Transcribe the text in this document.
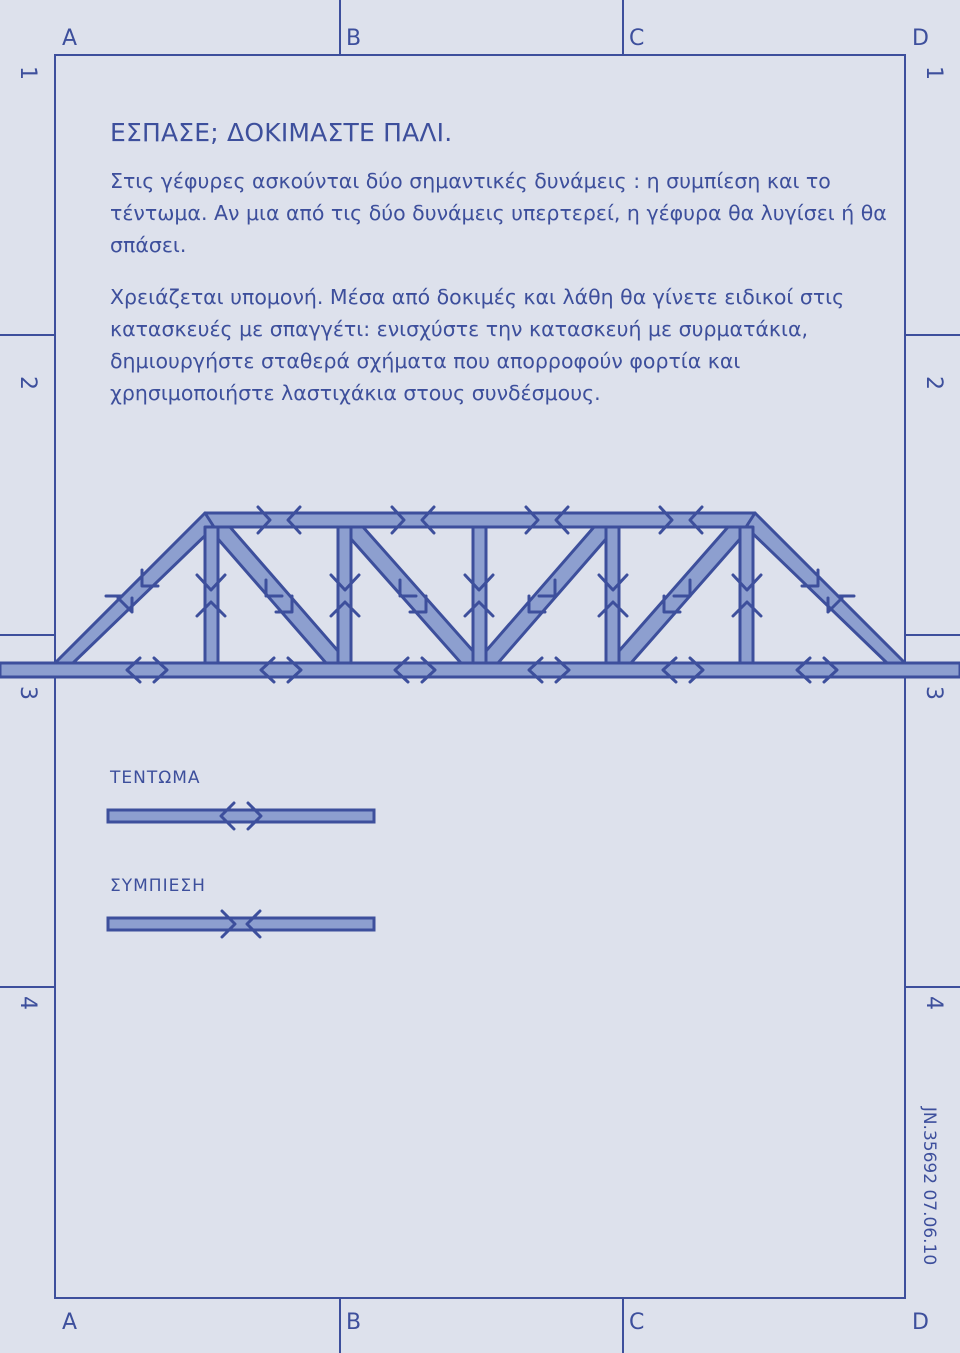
A	B	C	D
A	B	C	D
1
2
3
4
1
2
3
4
ΕΣΠΑΣΕ; ΔΟΚΙΜΑΣΤΕ ΠΑΛΙ.
Στις γέφυρες ασκούνται δύο σημαντικές δυνάμεις : η συμπίεση και το τέντωμα. Αν μια από τις δύο δυνάμεις υπερτερεί, η γέφυρα θα λυγίσει ή θα σπάσει.
Χρειάζεται υπομονή. Μέσα από δοκιμές και λάθη θα γίνετε ειδικοί στις κατασκευές με σπαγγέτι: ενισχύστε την κατασκευή με συρματάκια, δημιουργήστε σταθερά σχήματα που απορροφούν φορτία και χρησιμοποιήστε λαστιχάκια στους συνδέσμους.
ΤΕΝΤΩΜΑ
ΣΥΜΠΙΕΣΗ
JN.35692 07.06.10
